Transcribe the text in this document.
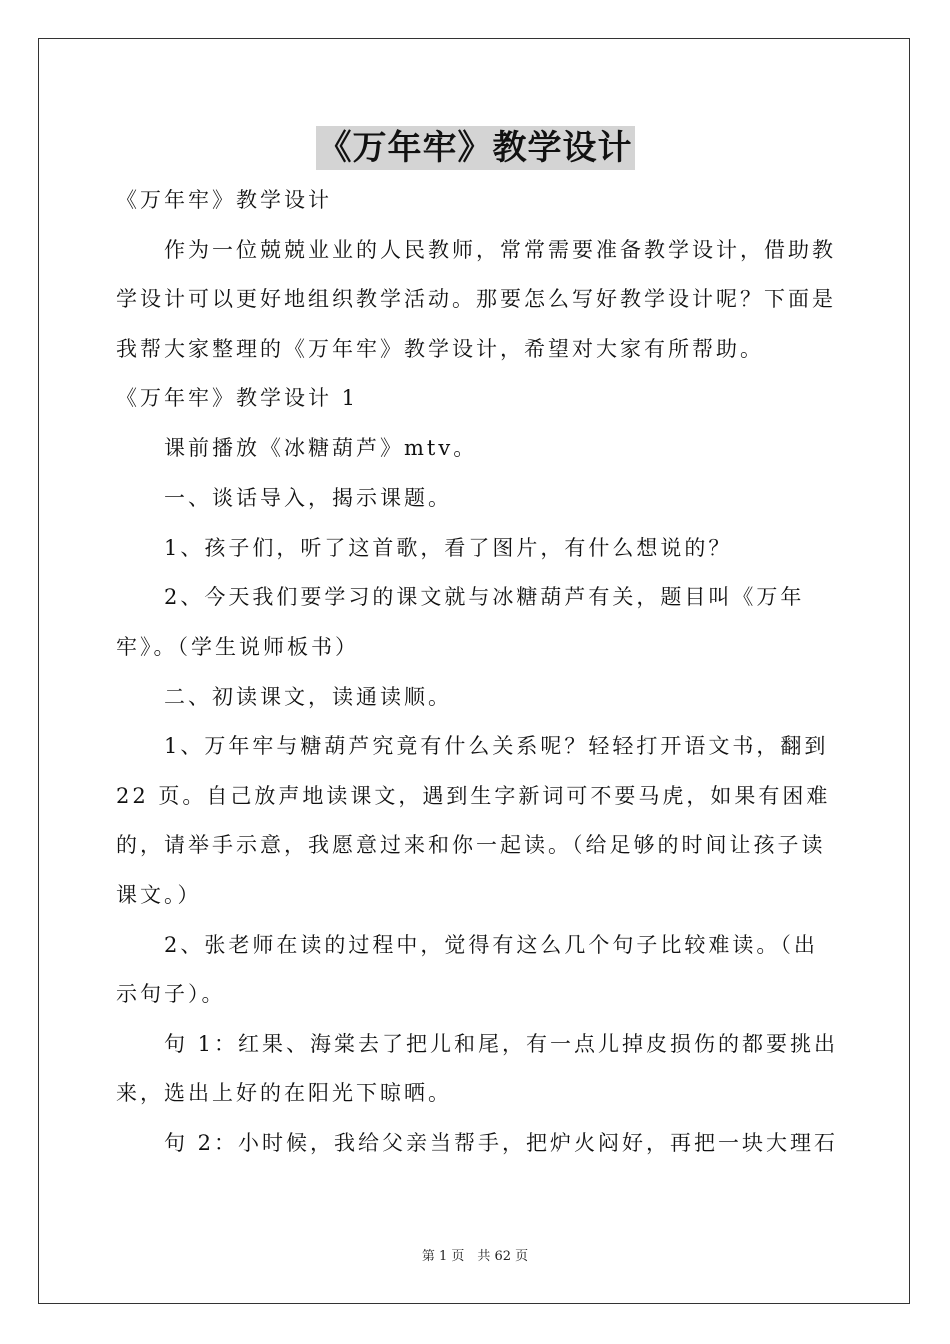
《万年牢》教学设计
《万年牢》教学设计
作为一位兢兢业业的人民教师，常常需要准备教学设计，借助教
学设计可以更好地组织教学活动。那要怎么写好教学设计呢？下面是
我帮大家整理的《万年牢》教学设计，希望对大家有所帮助。
《万年牢》教学设计 1
课前播放《冰糖葫芦》mtv。
一、谈话导入，揭示课题。
1、孩子们，听了这首歌，看了图片，有什么想说的？
2、今天我们要学习的课文就与冰糖葫芦有关，题目叫《万年
牢》。（学生说师板书）
二、初读课文，读通读顺。
1、万年牢与糖葫芦究竟有什么关系呢？轻轻打开语文书，翻到
22 页。自己放声地读课文，遇到生字新词可不要马虎，如果有困难
的，请举手示意，我愿意过来和你一起读。（给足够的时间让孩子读
课文。）
2、张老师在读的过程中，觉得有这么几个句子比较难读。（出
示句子）。
句 1：红果、海棠去了把儿和尾，有一点儿掉皮损伤的都要挑出
来，选出上好的在阳光下晾晒。
句 2：小时候，我给父亲当帮手，把炉火闷好，再把一块大理石
第 1 页　共 62 页
